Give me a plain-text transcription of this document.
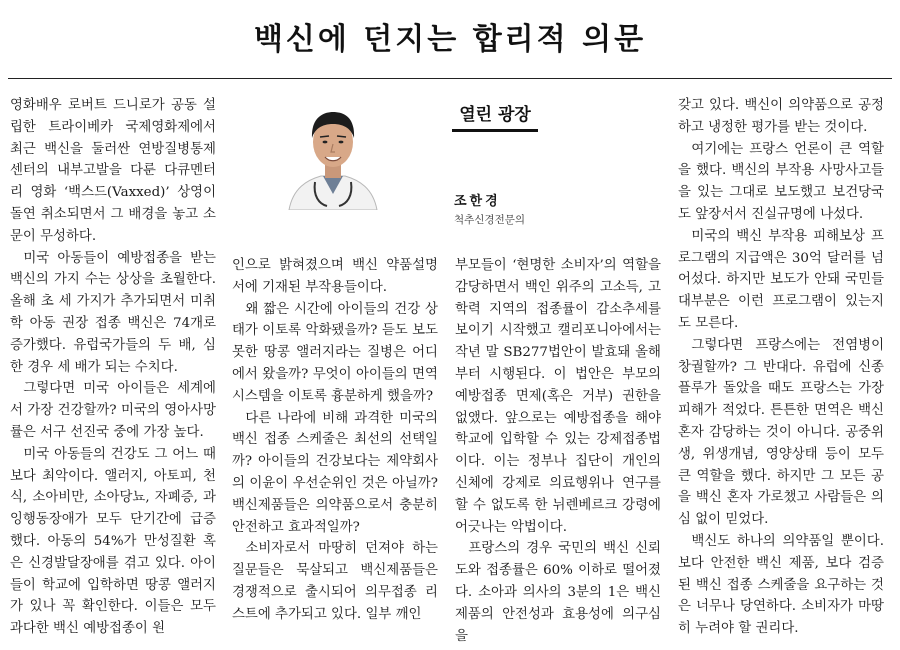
백신에 던지는 합리적 의문

영화배우 로버트 드니로가 공동 설립한 트라이베카 국제영화제에서 최근 백신을 둘러싼 연방질병통제센터의 내부고발을 다룬 다큐멘터리 영화 ‘백스드(Vaxxed)’ 상영이 돌연 취소되면서 그 배경을 놓고 소문이 무성하다.

미국 아동들이 예방접종을 받는 백신의 가지 수는 상상을 초월한다. 올해 초 세 가지가 추가되면서 미취학 아동 권장 접종 백신은 74개로 증가했다. 유럽국가들의 두 배, 심한 경우 세 배가 되는 수치다.

그렇다면 미국 아이들은 세계에서 가장 건강할까? 미국의 영아사망률은 서구 선진국 중에 가장 높다.

미국 아동들의 건강도 그 어느 때보다 최악이다. 앨러지, 아토피, 천식, 소아비만, 소아당뇨, 자폐증, 과잉행동장애가 모두 단기간에 급증했다. 아동의 54%가 만성질환 혹은 신경발달장애를 겪고 있다. 아이들이 학교에 입학하면 땅콩 앨러지가 있나 꼭 확인한다. 이들은 모두 과다한 백신 예방접종이 원

열린 광장
조한경
척추신경전문의

인으로 밝혀졌으며 백신 약품설명서에 기재된 부작용들이다.

왜 짧은 시간에 아이들의 건강 상태가 이토록 악화됐을까? 듣도 보도 못한 땅콩 앨러지라는 질병은 어디에서 왔을까? 무엇이 아이들의 면역시스템을 이토록 흉분하게 했을까?

다른 나라에 비해 과격한 미국의 백신 접종 스케줄은 최선의 선택일까? 아이들의 건강보다는 제약회사의 이윤이 우선순위인 것은 아닐까? 백신제품들은 의약품으로서 충분히 안전하고 효과적일까?

소비자로서 마땅히 던져야 하는 질문들은 묵살되고 백신제품들은 경쟁적으로 출시되어 의무접종 리스트에 추가되고 있다. 일부 깨인

부모들이 ‘현명한 소비자’의 역할을 감당하면서 백인 위주의 고소득, 고학력 지역의 접종률이 감소추세를 보이기 시작했고 캘리포니아에서는 작년 말 SB277법안이 발효돼 올해부터 시행된다. 이 법안은 부모의 예방접종 면제(혹은 거부) 권한을 없앴다. 앞으로는 예방접종을 해야 학교에 입학할 수 있는 강제접종법이다. 이는 정부나 집단이 개인의 신체에 강제로 의료행위나 연구를 할 수 없도록 한 뉘렌베르크 강령에 어긋나는 악법이다.

프랑스의 경우 국민의 백신 신뢰도와 접종률은 60% 이하로 떨어졌다. 소아과 의사의 3분의 1은 백신 제품의 안전성과 효용성에 의구심을

갖고 있다. 백신이 의약품으로 공정하고 냉정한 평가를 받는 것이다.

여기에는 프랑스 언론이 큰 역할을 했다. 백신의 부작용 사망사고들을 있는 그대로 보도했고 보건당국도 앞장서서 진실규명에 나섰다.

미국의 백신 부작용 피해보상 프로그램의 지급액은 30억 달러를 넘어섰다. 하지만 보도가 안돼 국민들 대부분은 이런 프로그램이 있는지도 모른다.

그렇다면 프랑스에는 전염병이 창궐할까? 그 반대다. 유럽에 신종플루가 돌았을 때도 프랑스는 가장 피해가 적었다. 튼튼한 면역은 백신 혼자 감당하는 것이 아니다. 공중위생, 위생개념, 영양상태 등이 모두 큰 역할을 했다. 하지만 그 모든 공을 백신 혼자 가로챘고 사람들은 의심 없이 믿었다.

백신도 하나의 의약품일 뿐이다. 보다 안전한 백신 제품, 보다 검증된 백신 접종 스케줄을 요구하는 것은 너무나 당연하다. 소비자가 마땅히 누려야 할 권리다.
